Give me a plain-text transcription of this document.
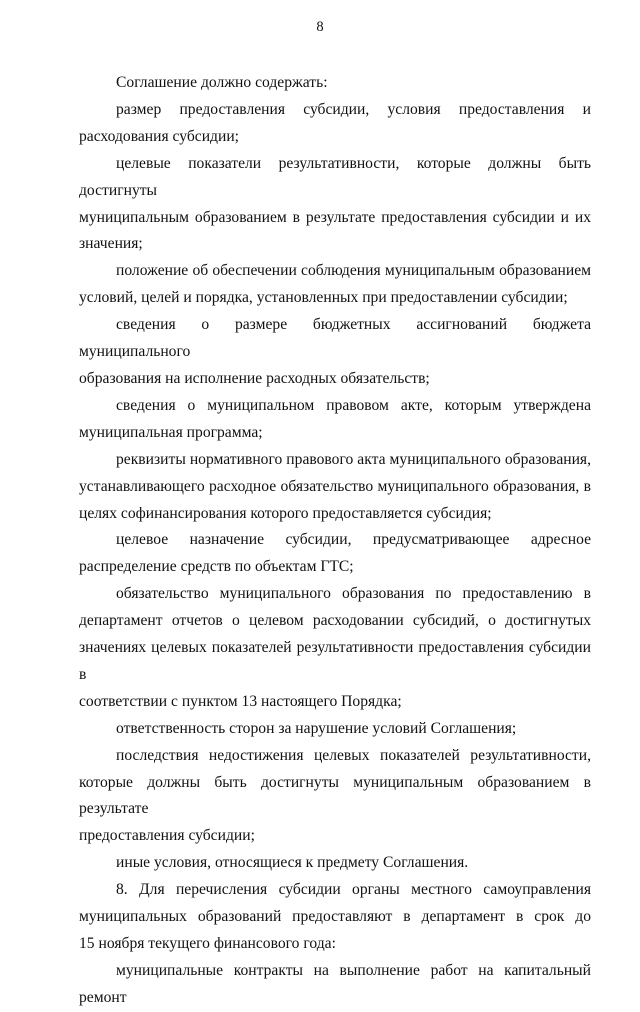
8
Соглашение должно содержать:
размер предоставления субсидии, условия предоставления и
расходования субсидии;
целевые показатели результативности, которые должны быть достигнуты
муниципальным образованием в результате предоставления субсидии и их
значения;
положение об обеспечении соблюдения муниципальным образованием
условий, целей и порядка, установленных при предоставлении субсидии;
сведения о размере бюджетных ассигнований бюджета муниципального
образования на исполнение расходных обязательств;
сведения о муниципальном правовом акте, которым утверждена
муниципальная программа;
реквизиты нормативного правового акта муниципального образования,
устанавливающего расходное обязательство муниципального образования, в
целях софинансирования которого предоставляется субсидия;
целевое назначение субсидии, предусматривающее адресное
распределение средств по объектам ГТС;
обязательство муниципального образования по предоставлению в
департамент отчетов о целевом расходовании субсидий, о достигнутых
значениях целевых показателей результативности предоставления субсидии в
соответствии с пунктом 13 настоящего Порядка;
ответственность сторон за нарушение условий Соглашения;
последствия недостижения целевых показателей результативности,
которые должны быть достигнуты муниципальным образованием в результате
предоставления субсидии;
иные условия, относящиеся к предмету Соглашения.
8. Для перечисления субсидии органы местного самоуправления
муниципальных образований предоставляют в департамент в срок до
15 ноября текущего финансового года:
муниципальные контракты на выполнение работ на капитальный ремонт
